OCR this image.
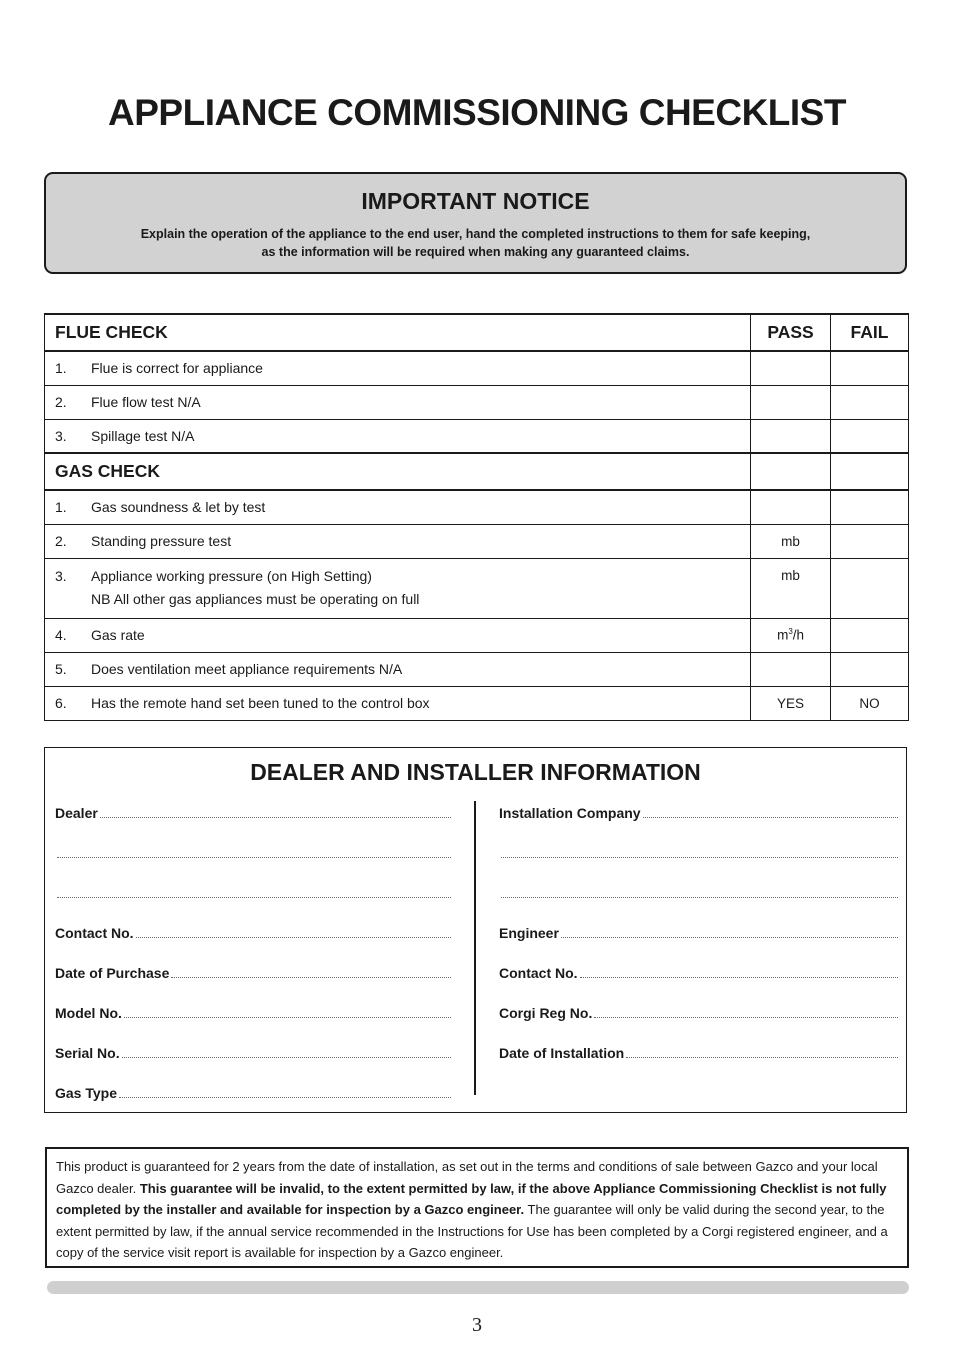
APPLIANCE COMMISSIONING CHECKLIST
IMPORTANT NOTICE

Explain the operation of the appliance to the end user, hand the completed instructions to them for safe keeping,
as the information will be required when making any guaranteed claims.

FLUE CHECK	PASS	FAIL
1. Flue is correct for appliance		
2. Flue flow test N/A		
3. Spillage test N/A		
GAS CHECK		
1. Gas soundness & let by test		
2. Standing pressure test	mb	
3. Appliance working pressure (on High Setting)
NB All other gas appliances must be operating on full	mb	
4. Gas rate	$m^3/h$	
5. Does ventilation meet appliance requirements N/A		
6. Has the remote hand set been tuned to the control box	YES	NO
DEALER AND INSTALLER INFORMATION
Dealer
Contact No.
Date of Purchase
Model No.
Serial No.
Gas Type
Installation Company
Engineer
Contact No.
Corgi Reg No.
Date of Installation
This product is guaranteed for 2 years from the date of installation, as set out in the terms and conditions of sale between Gazco and your local Gazco dealer. This guarantee will be invalid, to the extent permitted by law, if the above Appliance Commissioning Checklist is not fully completed by the installer and available for inspection by a Gazco engineer. The guarantee will only be valid during the second year, to the extent permitted by law, if the annual service recommended in the Instructions for Use has been completed by a Corgi registered engineer, and a copy of the service visit report is available for inspection by a Gazco engineer.
3
